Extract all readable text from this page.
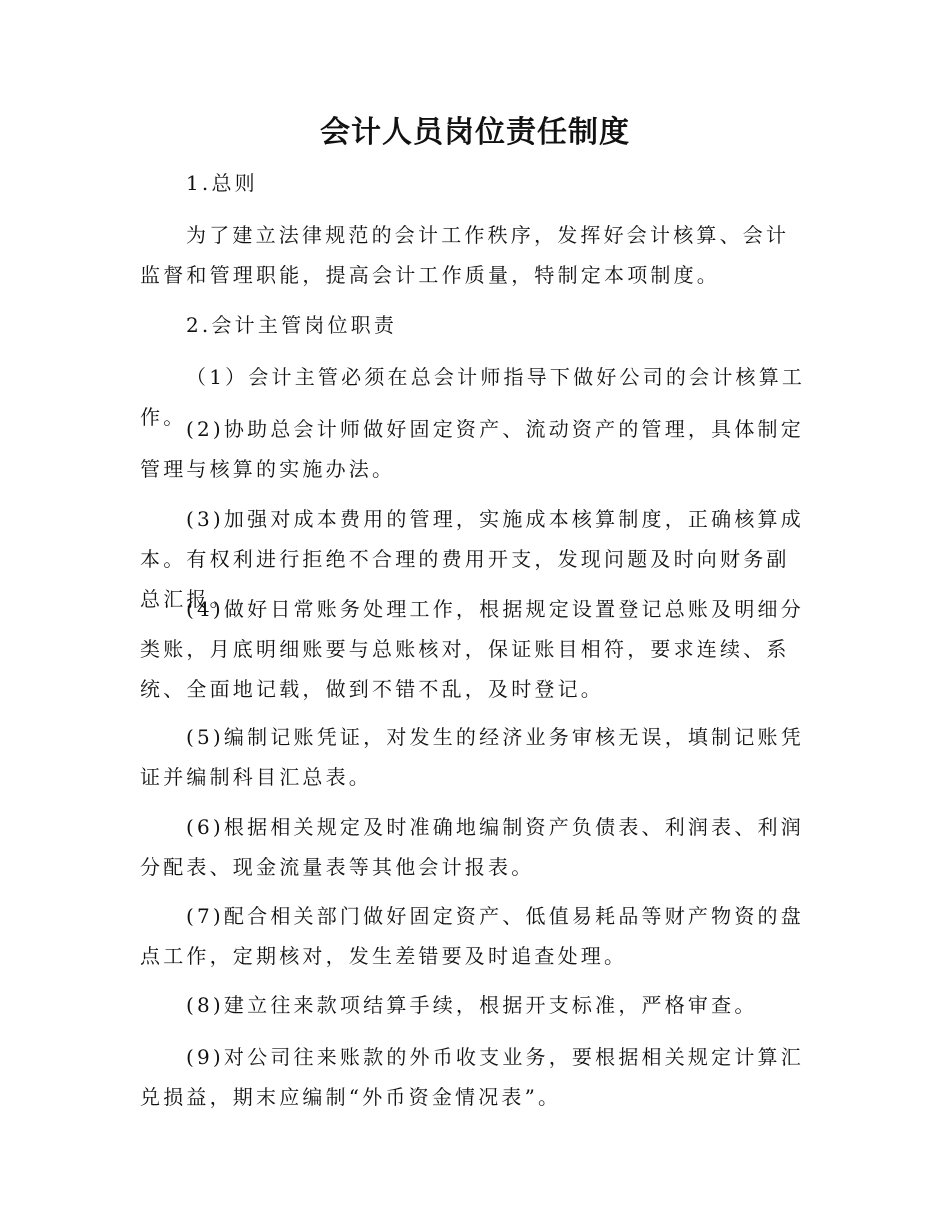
会计人员岗位责任制度

1.总则

为了建立法律规范的会计工作秩序，发挥好会计核算、会计监督和管理职能，提高会计工作质量，特制定本项制度。

2.会计主管岗位职责

（1）会计主管必须在总会计师指导下做好公司的会计核算工作。 (2)协助总会计师做好固定资产、流动资产的管理，具体制定管理与核算的实施办法。

(3)加强对成本费用的管理，实施成本核算制度，正确核算成本。有权利进行拒绝不合理的费用开支，发现问题及时向财务副总汇报。

(4)做好日常账务处理工作，根据规定设置登记总账及明细分类账，月底明细账要与总账核对，保证账目相符，要求连续、系统、全面地记载，做到不错不乱，及时登记。

(5)编制记账凭证，对发生的经济业务审核无误，填制记账凭证并编制科目汇总表。

(6)根据相关规定及时准确地编制资产负债表、利润表、利润分配表、现金流量表等其他会计报表。

(7)配合相关部门做好固定资产、低值易耗品等财产物资的盘点工作，定期核对，发生差错要及时追查处理。

(8)建立往来款项结算手续，根据开支标准，严格审查。

(9)对公司往来账款的外币收支业务，要根据相关规定计算汇兑损益，期末应编制“外币资金情况表”。
